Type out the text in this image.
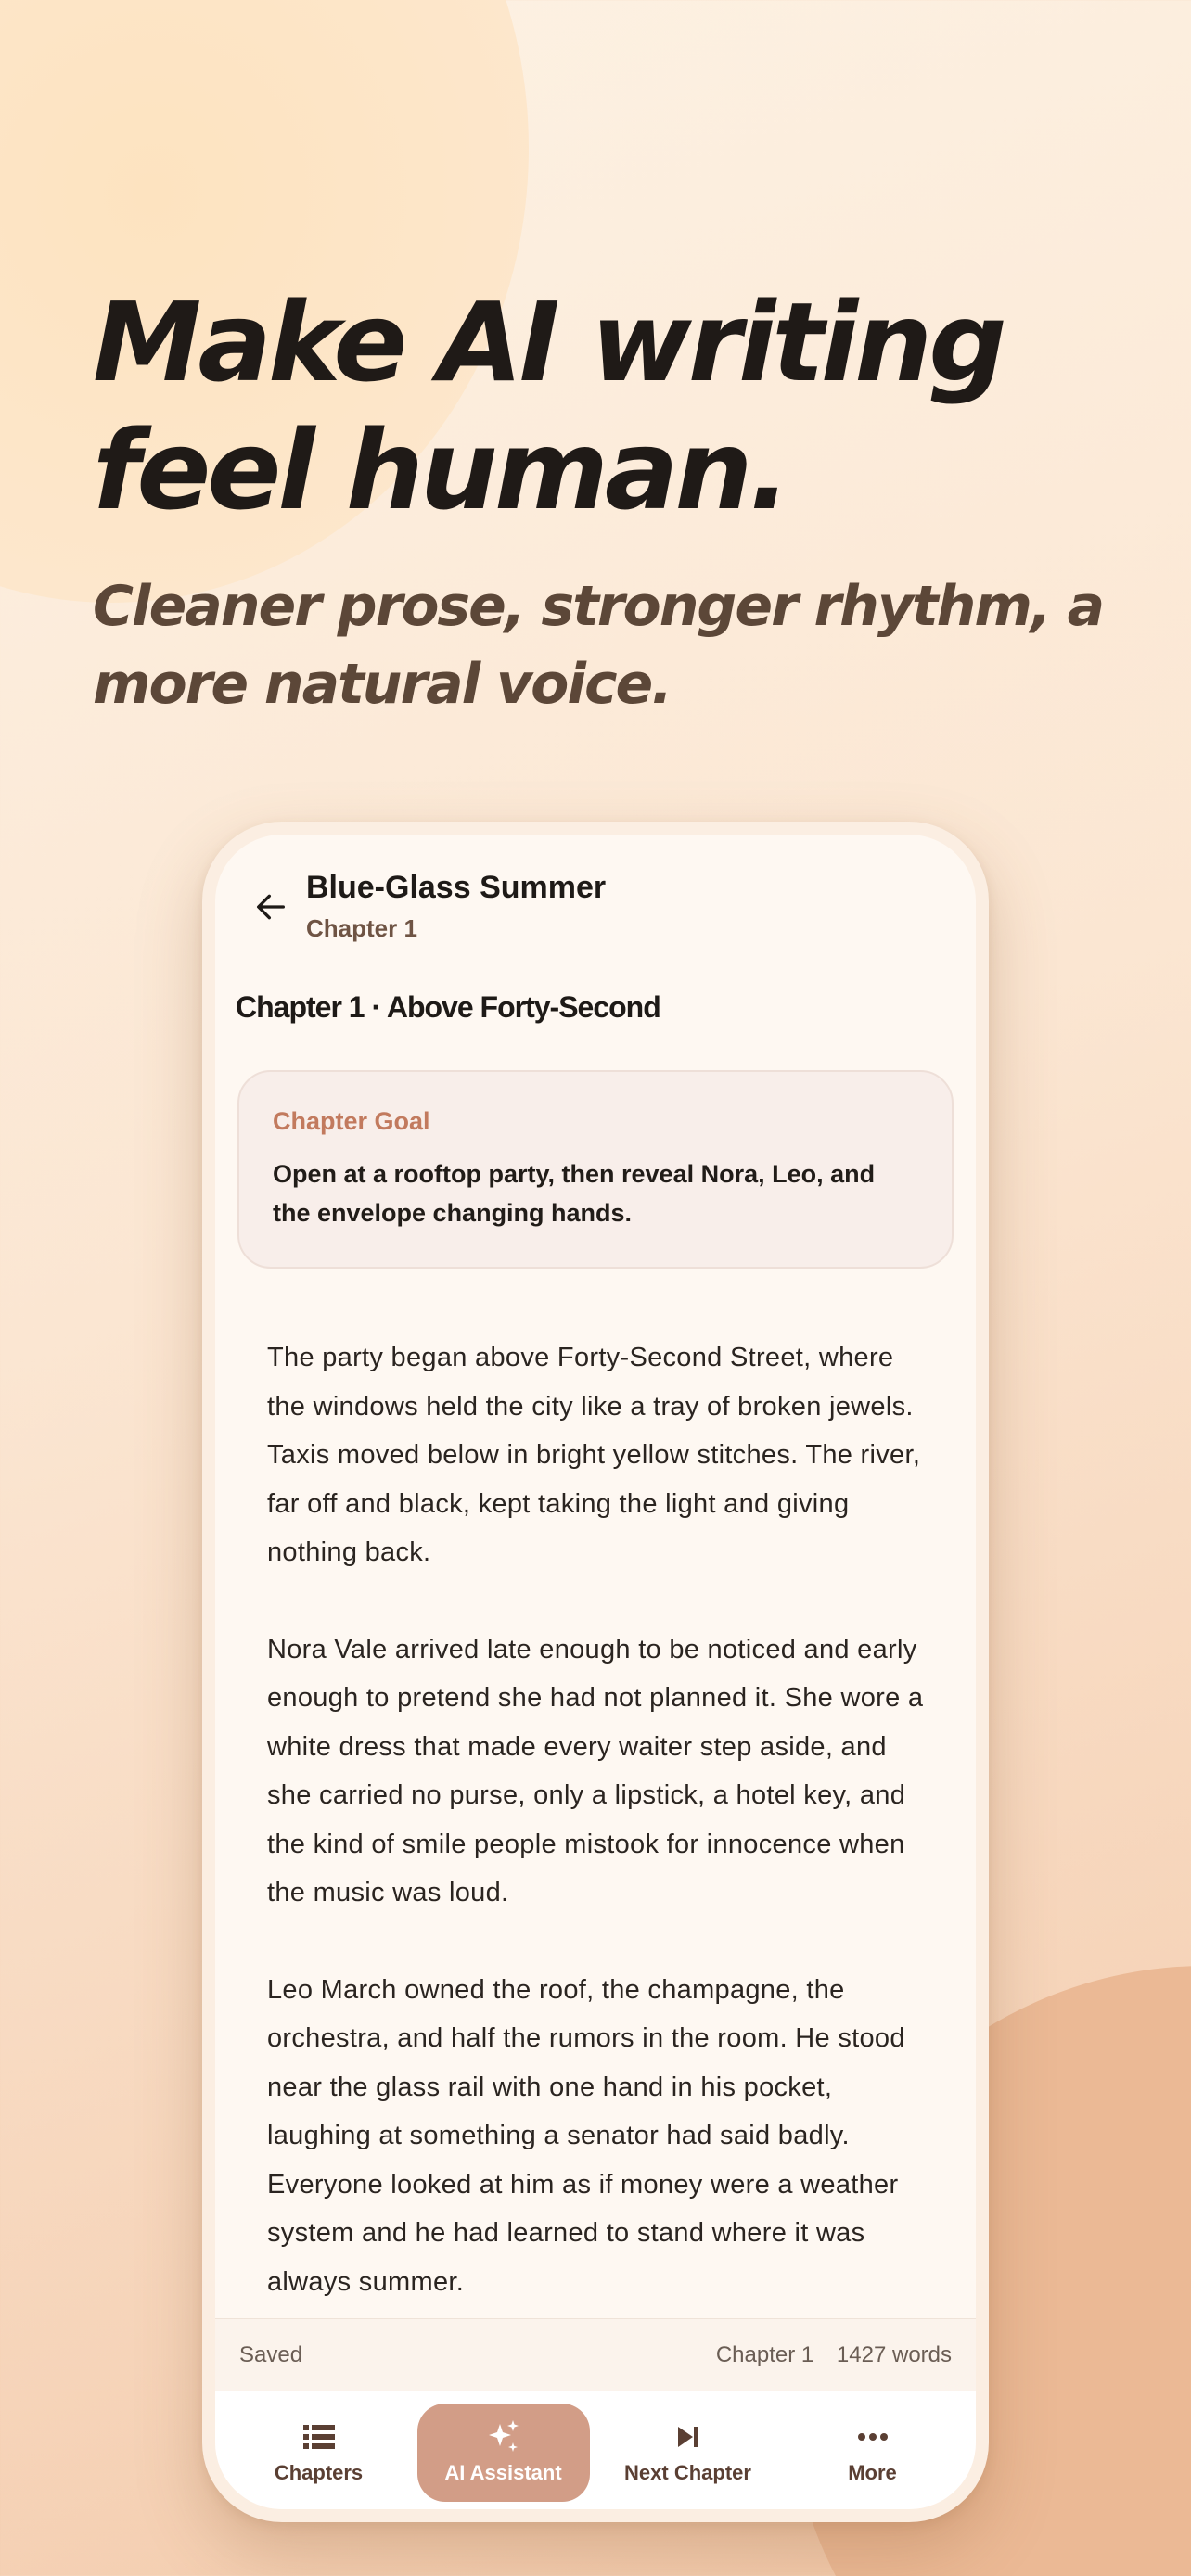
Make AI writing feel human.
Cleaner prose, stronger rhythm, a more natural voice.
Blue-Glass Summer
Chapter 1
Chapter 1 · Above Forty-Second
Chapter Goal
Open at a rooftop party, then reveal Nora, Leo, and the envelope changing hands.

The party began above Forty-Second Street, where the windows held the city like a tray of broken jewels. Taxis moved below in bright yellow stitches. The river, far off and black, kept taking the light and giving nothing back.

Nora Vale arrived late enough to be noticed and early enough to pretend she had not planned it. She wore a white dress that made every waiter step aside, and she carried no purse, only a lipstick, a hotel key, and the kind of smile people mistook for innocence when the music was loud.

Leo March owned the roof, the champagne, the orchestra, and half the rumors in the room. He stood near the glass rail with one hand in his pocket, laughing at something a senator had said badly. Everyone looked at him as if money were a weather system and he had learned to stand where it was always summer.

Saved	Chapter 1 1427 words
Chapters	AI Assistant	Next Chapter	More
